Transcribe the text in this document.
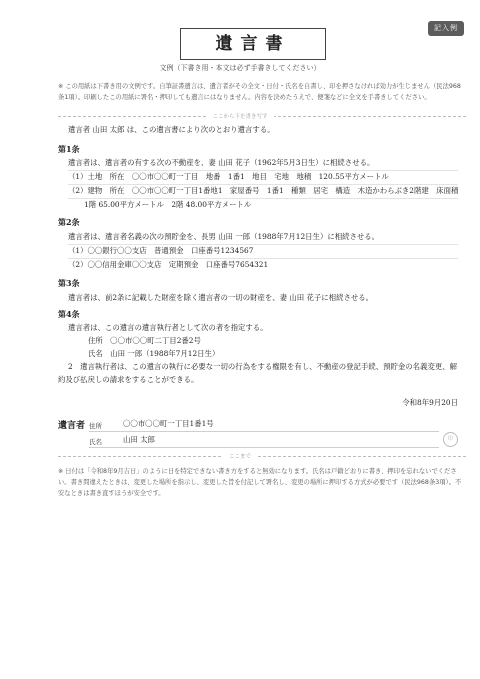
記入例
遺言書
文例（下書き用・本文は必ず手書きしてください）
※ この用紙は下書き用の文例です。自筆証書遺言は、遺言者がその全文・日付・氏名を自書し、印を押さなければ効力が生じません（民法968条1項）。印刷したこの用紙に署名・押印しても遺言にはなりません。内容を決めたうえで、便箋などに全文を手書きしてください。
ここから下を書き写す
遺言者 山田 太郎 は、この遺言書により次のとおり遺言する。
第1条
遺言者は、遺言者の有する次の不動産を、妻 山田 花子（1962年5月3日生）に相続させる。
（1）土地　所在　〇〇市〇〇町一丁目　地番　1番1　地目　宅地　地積　120.55平方メートル
（2）建物　所在　〇〇市〇〇町一丁目1番地1　家屋番号　1番1　種類　居宅　構造　木造かわらぶき2階建　床面積
1階 65.00平方メートル　2階 48.00平方メートル
第2条
遺言者は、遺言者名義の次の預貯金を、長男 山田 一郎（1988年7月12日生）に相続させる。
（1）〇〇銀行〇〇支店　普通預金　口座番号1234567
（2）〇〇信用金庫〇〇支店　定期預金　口座番号7654321
第3条
遺言者は、前2条に記載した財産を除く遺言者の一切の財産を、妻 山田 花子に相続させる。
第4条
遺言者は、この遺言の遺言執行者として次の者を指定する。
住所　〇〇市〇〇町二丁目2番2号
氏名　山田 一郎（1988年7月12日生）
2　遺言執行者は、この遺言の執行に必要な一切の行為をする権限を有し、不動産の登記手続、預貯金の名義変更、解
約及び払戻しの請求をすることができる。
令和8年9月20日
遺言者 住所	〇〇市〇〇町一丁目1番1号
氏名	山田 太郎	印
ここまで
※ 日付は「令和8年9月吉日」のように日を特定できない書き方をすると無効になります。氏名は戸籍どおりに書き、押印を忘れないでください。書き間違えたときは、変更した場所を指示し、変更した旨を付記して署名し、変更の場所に押印する方式が必要です（民法968条3項）。不安なときは書き直すほうが安全です。
